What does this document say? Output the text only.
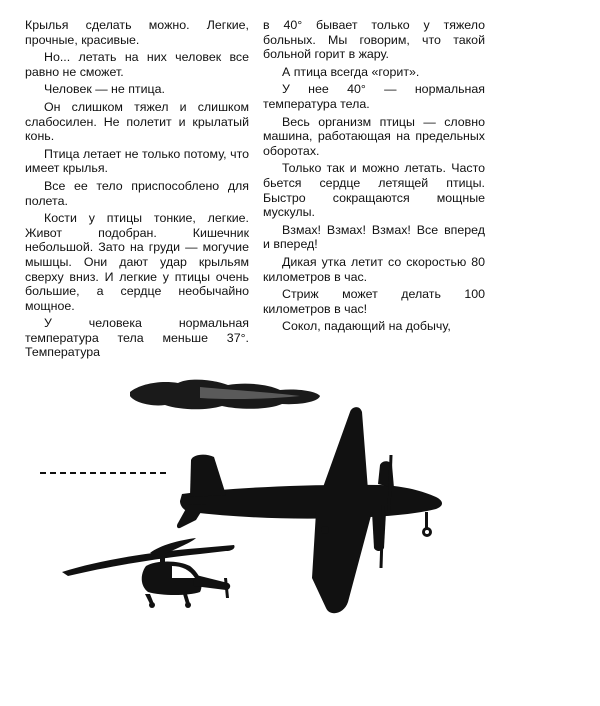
Крылья сделать можно. Легкие, прочные, красивые.

Но... летать на них человек все равно не сможет.

Человек — не птица.

Он слишком тяжел и слишком слабосилен. Не полетит и крылатый конь.

Птица летает не только потому, что имеет крылья.

Все ее тело приспособлено для полета.

Кости у птицы тонкие, легкие. Живот подобран. Кишечник небольшой. Зато на груди — могучие мышцы. Они дают удар крыльям сверху вниз. И легкие у птицы очень большие, а сердце необычайно мощное.

У человека нормальная температура тела меньше 37°. Температура

в 40° бывает только у тяжело больных. Мы говорим, что такой больной горит в жару.

А птица всегда «горит».

У нее 40° — нормальная температура тела.

Весь организм птицы — словно машина, работающая на предельных оборотах.

Только так и можно летать. Часто бьется сердце летящей птицы. Быстро сокращаются мощные мускулы.

Взмах! Взмах! Взмах! Все вперед и вперед!

Дикая утка летит со скоростью 80 километров в час.

Стриж может делать 100 километров в час!

Сокол, падающий на добычу,
